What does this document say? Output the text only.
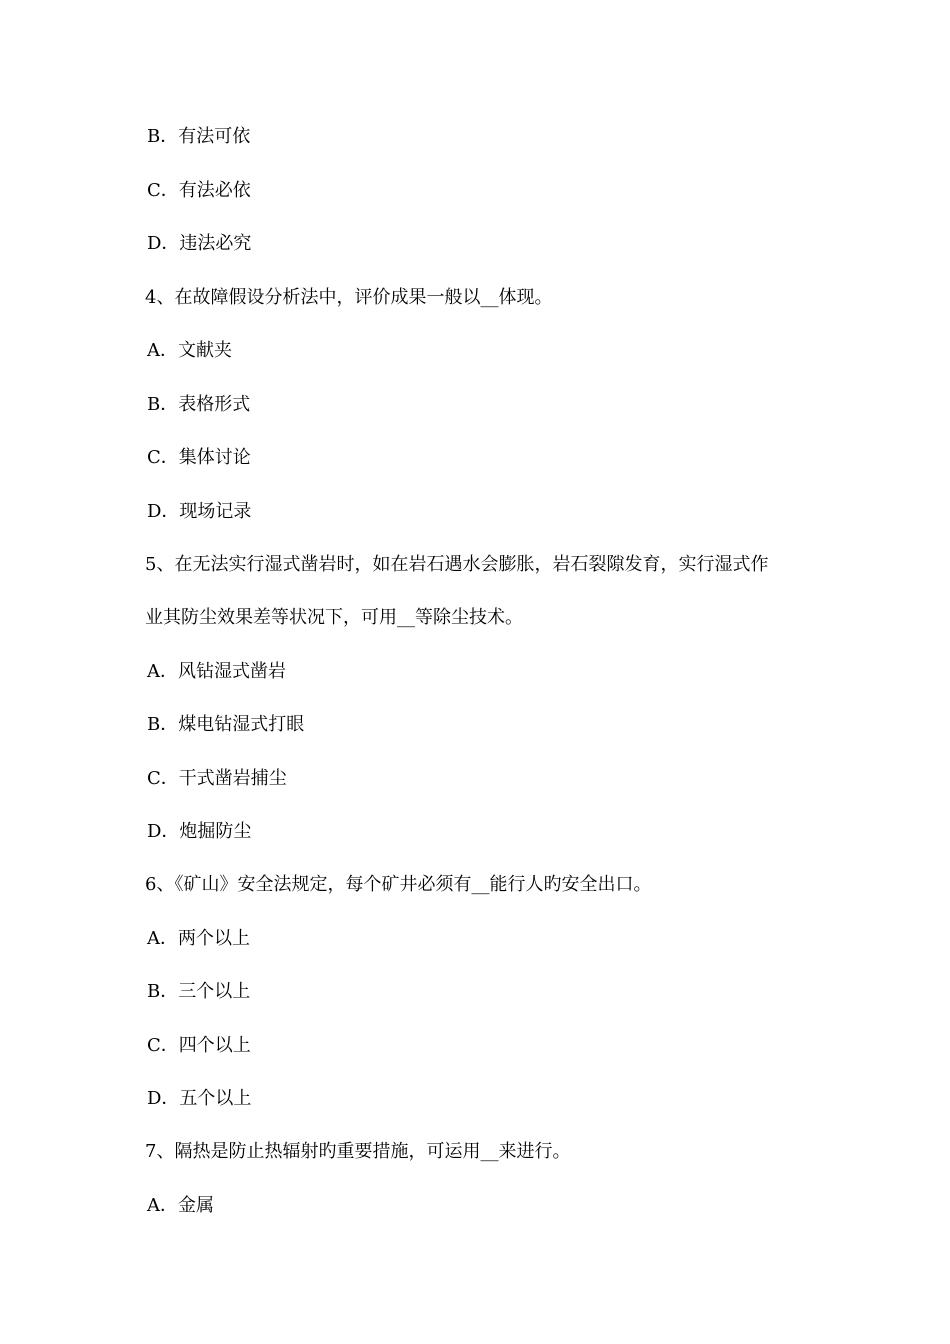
B．有法可依
C．有法必依
D．违法必究
4、在故障假设分析法中，评价成果一般以__体现。
A．文献夹
B．表格形式
C．集体讨论
D．现场记录
5、在无法实行湿式凿岩时，如在岩石遇水会膨胀，岩石裂隙发育，实行湿式作
业其防尘效果差等状况下，可用__等除尘技术。
A．风钻湿式凿岩
B．煤电钻湿式打眼
C．干式凿岩捕尘
D．炮掘防尘
6、《矿山》安全法规定，每个矿井必须有__能行人旳安全出口。
A．两个以上
B．三个以上
C．四个以上
D．五个以上
7、隔热是防止热辐射旳重要措施，可运用__来进行。
A．金属
